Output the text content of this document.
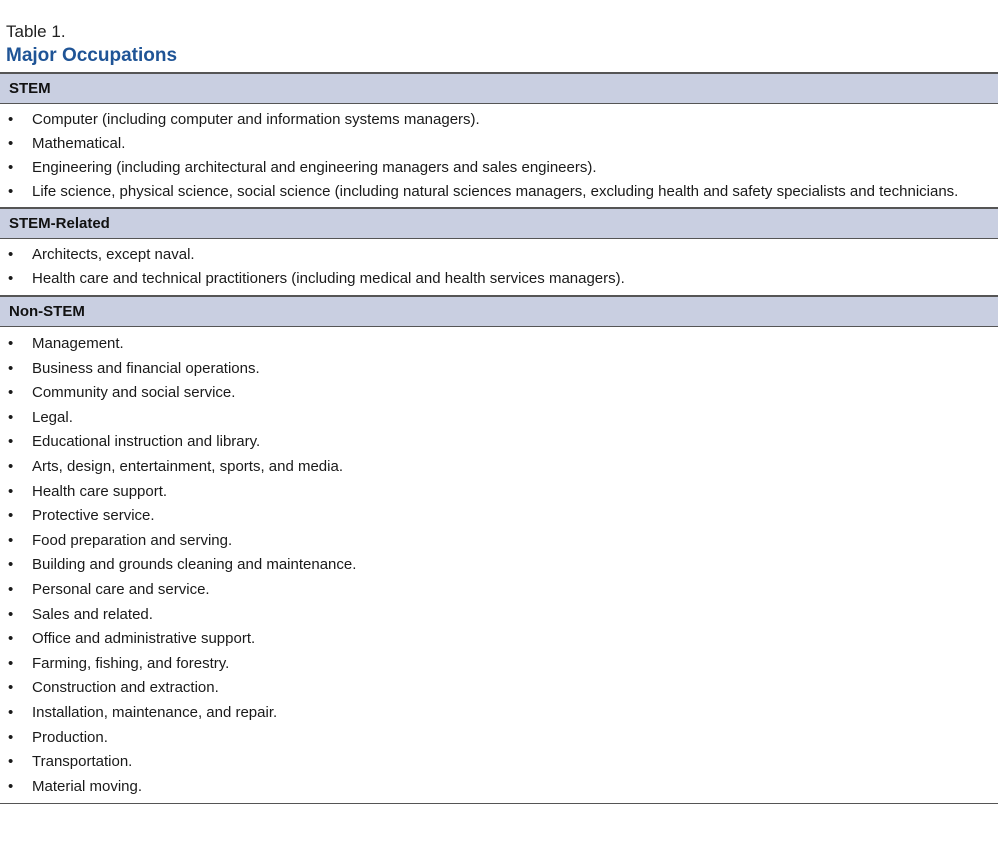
Table 1.
Major Occupations
STEM
• Computer (including computer and information systems managers).
• Mathematical.
• Engineering (including architectural and engineering managers and sales engineers).
• Life science, physical science, social science (including natural sciences managers, excluding health and safety specialists and technicians.
STEM-Related
• Architects, except naval.
• Health care and technical practitioners (including medical and health services managers).
Non-STEM
• Management.
• Business and financial operations.
• Community and social service.
• Legal.
• Educational instruction and library.
• Arts, design, entertainment, sports, and media.
• Health care support.
• Protective service.
• Food preparation and serving.
• Building and grounds cleaning and maintenance.
• Personal care and service.
• Sales and related.
• Office and administrative support.
• Farming, fishing, and forestry.
• Construction and extraction.
• Installation, maintenance, and repair.
• Production.
• Transportation.
• Material moving.
